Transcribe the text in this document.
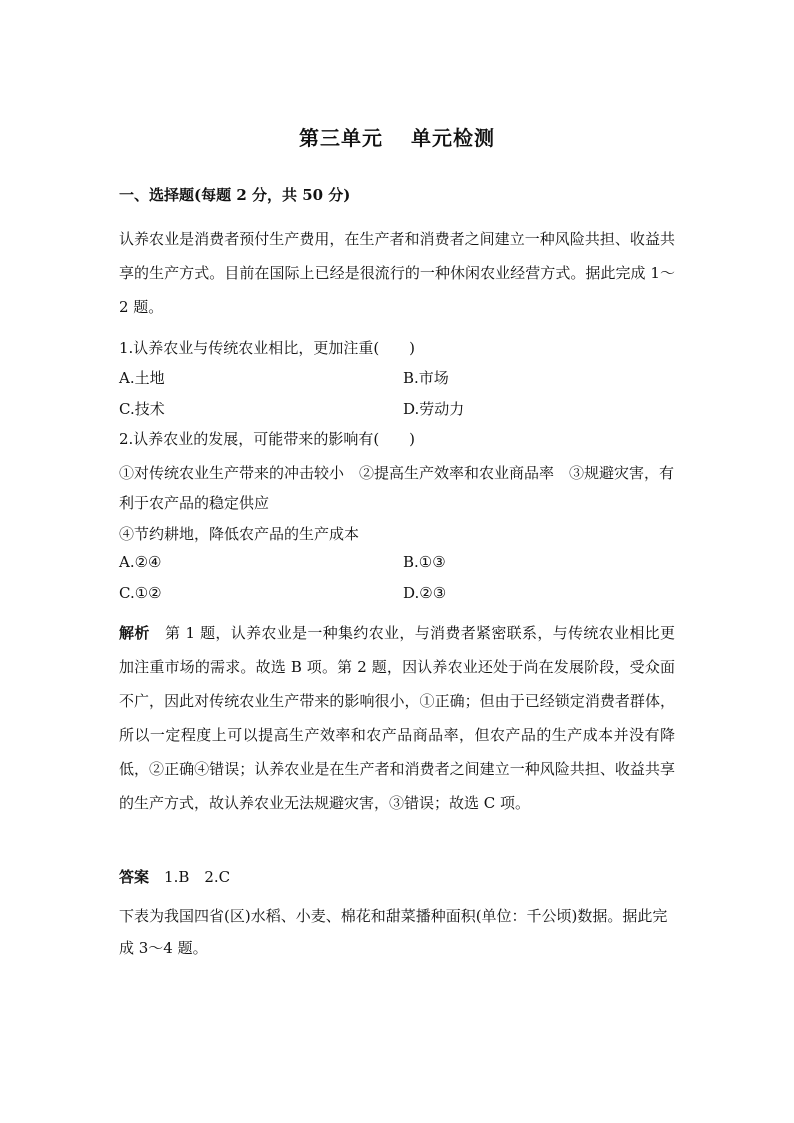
第三单元 单元检测
一、选择题(每题 2 分，共 50 分)
认养农业是消费者预付生产费用，在生产者和消费者之间建立一种风险共担、收益共享的生产方式。目前在国际上已经是很流行的一种休闲农业经营方式。据此完成 1～2 题。
1.认养农业与传统农业相比，更加注重(　　)
A.土地	B.市场
C.技术	D.劳动力
2.认养农业的发展，可能带来的影响有(　　)
①对传统农业生产带来的冲击较小　②提高生产效率和农业商品率　③规避灾害，有利于农产品的稳定供应
④节约耕地，降低农产品的生产成本
A.②④	B.①③
C.①②	D.②③
解析　 第 1 题，认养农业是一种集约农业，与消费者紧密联系，与传统农业相比更加注重市场的需求。故选 B 项。第 2 题，因认养农业还处于尚在发展阶段，受众面不广，因此对传统农业生产带来的影响很小，①正确；但由于已经锁定消费者群体，所以一定程度上可以提高生产效率和农产品商品率，但农产品的生产成本并没有降低，②正确④错误；认养农业是在生产者和消费者之间建立一种风险共担、收益共享的生产方式，故认养农业无法规避灾害，③错误；故选 C 项。
答案　 1.B　2.C
下表为我国四省(区)水稻、小麦、棉花和甜菜播种面积(单位：千公顷)数据。据此完成 3～4 题。
